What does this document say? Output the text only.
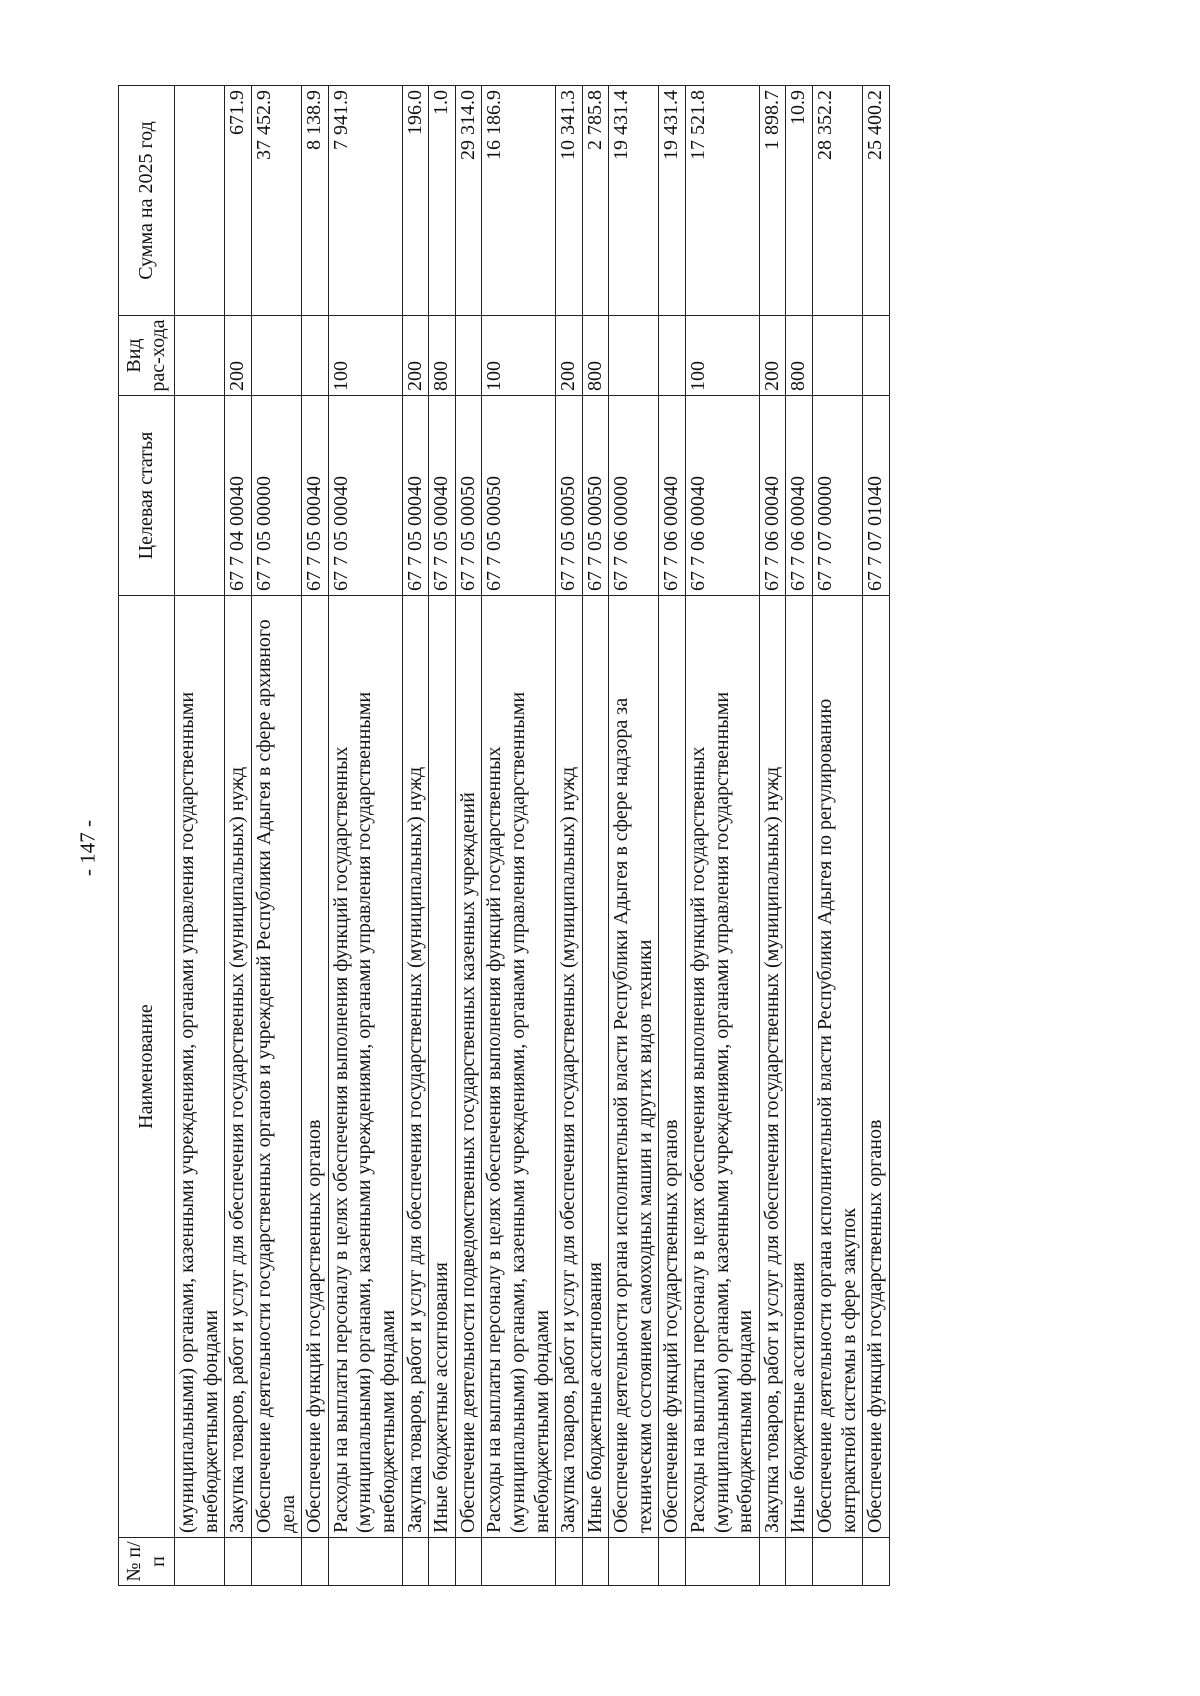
- 147 -
№ п/п	Наименование	Целевая статья	Вид рас-хода	Сумма на 2025 год
	(муниципальными) органами, казенными учреждениями, органами управления государственными внебюджетными фондами			
	Закупка товаров, работ и услуг для обеспечения государственных (муниципальных) нужд	67 7 04 00040	200	671.9
	Обеспечение деятельности государственных органов и учреждений Республики Адыгея в сфере архивного дела	67 7 05 00000		37 452.9
	Обеспечение функций государственных органов	67 7 05 00040		8 138.9
	Расходы на выплаты персоналу в целях обеспечения выполнения функций государственных (муниципальными) органами, казенными учреждениями, органами управления государственными внебюджетными фондами	67 7 05 00040	100	7 941.9
	Закупка товаров, работ и услуг для обеспечения государственных (муниципальных) нужд	67 7 05 00040	200	196.0
	Иные бюджетные ассигнования	67 7 05 00040	800	1.0
	Обеспечение деятельности подведомственных государственных казенных учреждений	67 7 05 00050		29 314.0
	Расходы на выплаты персоналу в целях обеспечения выполнения функций государственных (муниципальными) органами, казенными учреждениями, органами управления государственными внебюджетными фондами	67 7 05 00050	100	16 186.9
	Закупка товаров, работ и услуг для обеспечения государственных (муниципальных) нужд	67 7 05 00050	200	10 341.3
	Иные бюджетные ассигнования	67 7 05 00050	800	2 785.8
	Обеспечение деятельности органа исполнительной власти Республики Адыгея в сфере надзора за техническим состоянием самоходных машин и других видов техники	67 7 06 00000		19 431.4
	Обеспечение функций государственных органов	67 7 06 00040		19 431.4
	Расходы на выплаты персоналу в целях обеспечения выполнения функций государственных (муниципальными) органами, казенными учреждениями, органами управления государственными внебюджетными фондами	67 7 06 00040	100	17 521.8
	Закупка товаров, работ и услуг для обеспечения государственных (муниципальных) нужд	67 7 06 00040	200	1 898.7
	Иные бюджетные ассигнования	67 7 06 00040	800	10.9
	Обеспечение деятельности органа исполнительной власти Республики Адыгея по регулированию контрактной системы в сфере закупок	67 7 07 00000		28 352.2
	Обеспечение функций государственных органов	67 7 07 01040		25 400.2
